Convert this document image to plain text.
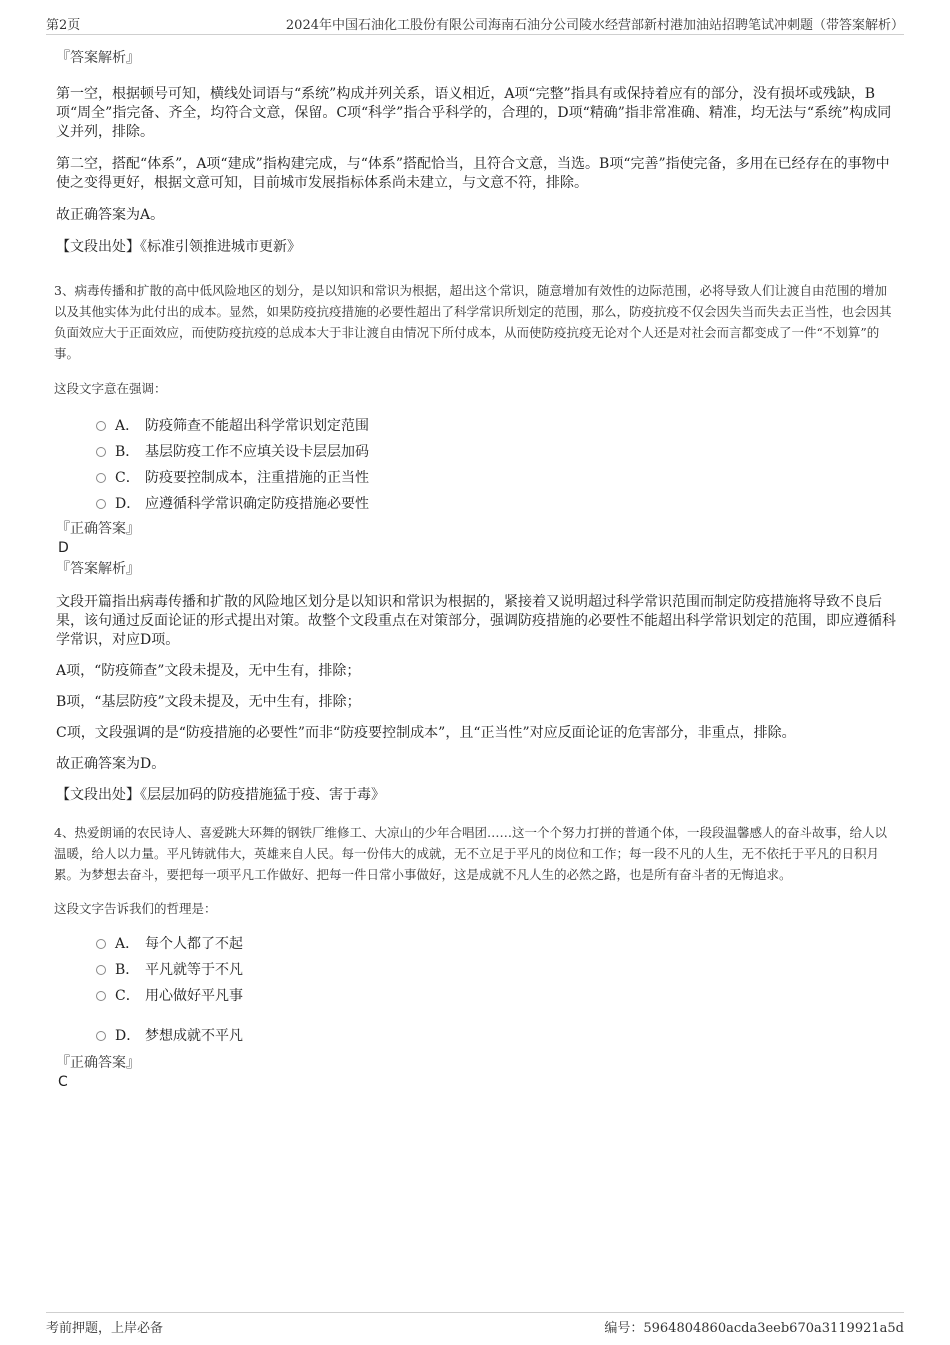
第2页	2024年中国石油化工股份有限公司海南石油分公司陵水经营部新村港加油站招聘笔试冲刺题（带答案解析）
『答案解析』

第一空，根据顿号可知，横线处词语与“系统”构成并列关系，语义相近，A项“完整”指具有或保持着应有的部分，没有损坏或残缺，B项“周全”指完备、齐全，均符合文意，保留。C项“科学”指合乎科学的，合理的，D项“精确”指非常准确、精准，均无法与“系统”构成同义并列，排除。

第二空，搭配“体系”，A项“建成”指构建完成，与“体系”搭配恰当，且符合文意，当选。B项“完善”指使完备，多用在已经存在的事物中使之变得更好，根据文意可知，目前城市发展指标体系尚未建立，与文意不符，排除。

故正确答案为A。

【文段出处】《标准引领推进城市更新》

3、病毒传播和扩散的高中低风险地区的划分，是以知识和常识为根据，超出这个常识，随意增加有效性的边际范围，必将导致人们让渡自由范围的增加以及其他实体为此付出的成本。显然，如果防疫抗疫措施的必要性超出了科学常识所划定的范围，那么，防疫抗疫不仅会因失当而失去正当性，也会因其负面效应大于正面效应，而使防疫抗疫的总成本大于非让渡自由情况下所付成本，从而使防疫抗疫无论对个人还是对社会而言都变成了一件“不划算”的事。

这段文字意在强调：

A． 防疫筛查不能超出科学常识划定范围
B． 基层防疫工作不应填关设卡层层加码
C． 防疫要控制成本，注重措施的正当性
D． 应遵循科学常识确定防疫措施必要性
『正确答案』
D
『答案解析』

文段开篇指出病毒传播和扩散的风险地区划分是以知识和常识为根据的，紧接着又说明超过科学常识范围而制定防疫措施将导致不良后果，该句通过反面论证的形式提出对策。故整个文段重点在对策部分，强调防疫措施的必要性不能超出科学常识划定的范围，即应遵循科学常识，对应D项。

A项，“防疫筛查”文段未提及，无中生有，排除；

B项，“基层防疫”文段未提及，无中生有，排除；

C项，文段强调的是“防疫措施的必要性”而非“防疫要控制成本”，且“正当性”对应反面论证的危害部分，非重点，排除。

故正确答案为D。

【文段出处】《层层加码的防疫措施猛于疫、害于毒》

4、热爱朗诵的农民诗人、喜爱跳大环舞的钢铁厂维修工、大凉山的少年合唱团……这一个个努力打拼的普通个体，一段段温馨感人的奋斗故事，给人以温暖，给人以力量。平凡铸就伟大，英雄来自人民。每一份伟大的成就，无不立足于平凡的岗位和工作；每一段不凡的人生，无不依托于平凡的日积月累。为梦想去奋斗，要把每一项平凡工作做好、把每一件日常小事做好，这是成就不凡人生的必然之路，也是所有奋斗者的无悔追求。

这段文字告诉我们的哲理是：

A． 每个人都了不起
B． 平凡就等于不凡
C． 用心做好平凡事
D． 梦想成就不平凡
『正确答案』
C
考前押题，上岸必备	编号：5964804860acda3eeb670a3119921a5d
